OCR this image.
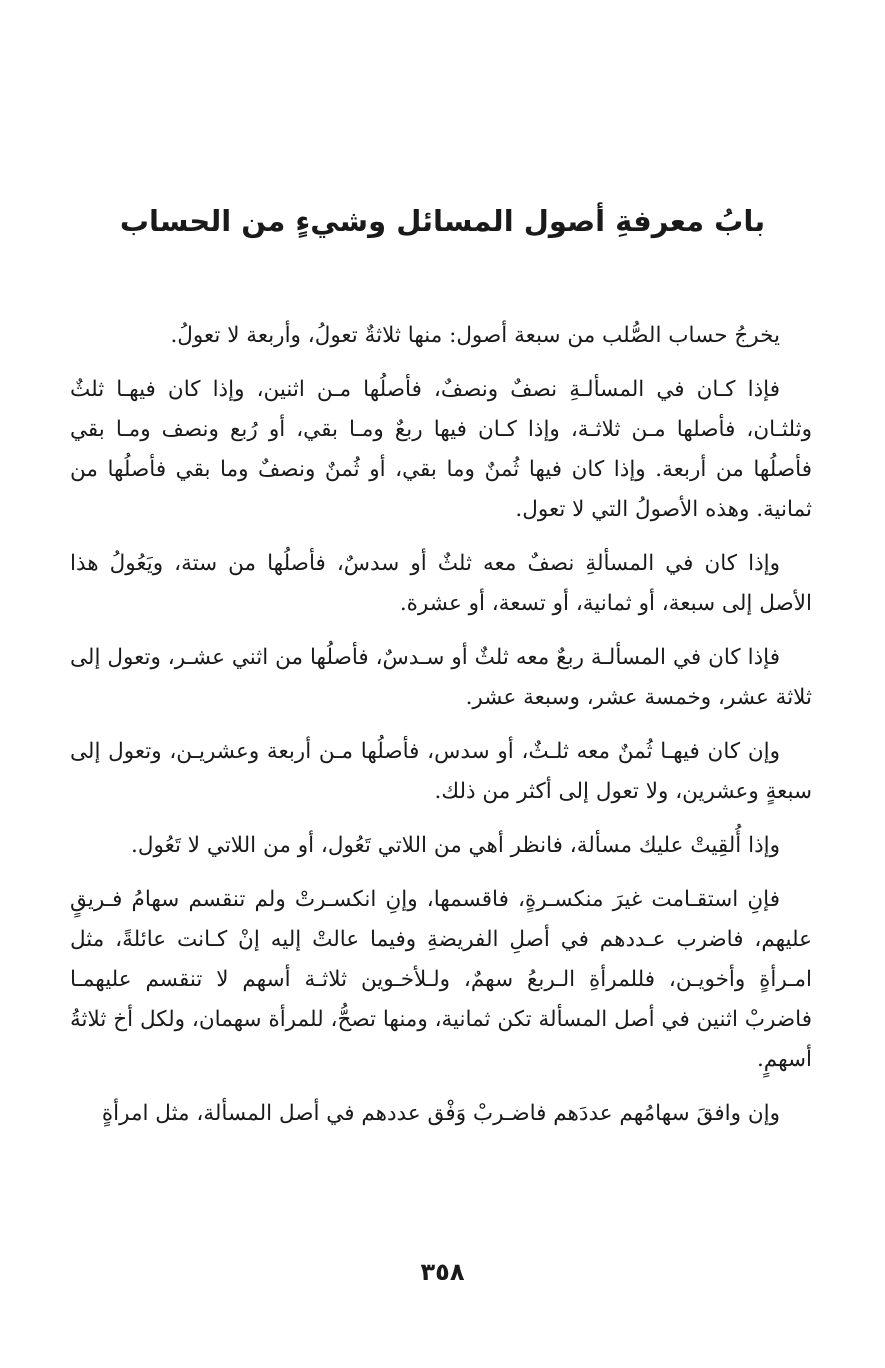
بابُ معرفةِ أصول المسائل وشيءٍ من الحساب

يخرجُ حساب الصُّلب من سبعة أصول: منها ثلاثةٌ تعولُ، وأربعة لا تعولُ.

فإذا كـان في المسألـةِ نصفٌ ونصفٌ، فأصلُها مـن اثنين، وإذا كان فيهـا ثلثٌ وثلثـان، فأصلها مـن ثلاثـة، وإذا كـان فيها ربعٌ ومـا بقي، أو رُبع ونصف ومـا بقي فأصلُها من أربعة. وإذا كان فيها ثُمنٌ وما بقي، أو ثُمنٌ ونصفٌ وما بقي فأصلُها من ثمانية. وهذه الأصولُ التي لا تعول.

وإذا كان في المسألةِ نصفٌ معه ثلثٌ أو سدسٌ، فأصلُها من ستة، ويَعُولُ هذا الأصل إلى سبعة، أو ثمانية، أو تسعة، أو عشرة.

فإذا كان في المسألـة ربعٌ معه ثلثٌ أو سـدسٌ، فأصلُها من اثني عشـر، وتعول إلى ثلاثة عشر، وخمسة عشر، وسبعة عشر.

وإن كان فيهـا ثُمنٌ معه ثلـثٌ، أو سدس، فأصلُها مـن أربعة وعشريـن، وتعول إلى سبعةٍ وعشرين، ولا تعول إلى أكثر من ذلك.

وإذا أُلقِيتْ عليك مسألة، فانظر أهي من اللاتي تَعُول، أو من اللاتي لا تَعُول.

فإنِ استقـامت غيرَ منكسـرةٍ، فاقسمها، وإنِ انكسـرتْ ولم تنقسم سهامُ فـريقٍ عليهم، فاضرب عـددهم في أصلِ الفريضةِ وفيما عالتْ إليه إنْ كـانت عائلةً، مثل امـرأةٍ وأخويـن، فللمرأةِ الـربعُ سهمٌ، ولـلأخـوين ثلاثـة أسهم لا تنقسم عليهمـا فاضربْ اثنين في أصل المسألة تكن ثمانية، ومنها تصحُّ، للمرأة سهمان، ولكل أخ ثلاثةُ أسهمٍ.

وإن وافقَ سهامُهم عددَهم فاضـربْ وَفْق عددهم في أصل المسألة، مثل امرأةٍ

٣٥٨
